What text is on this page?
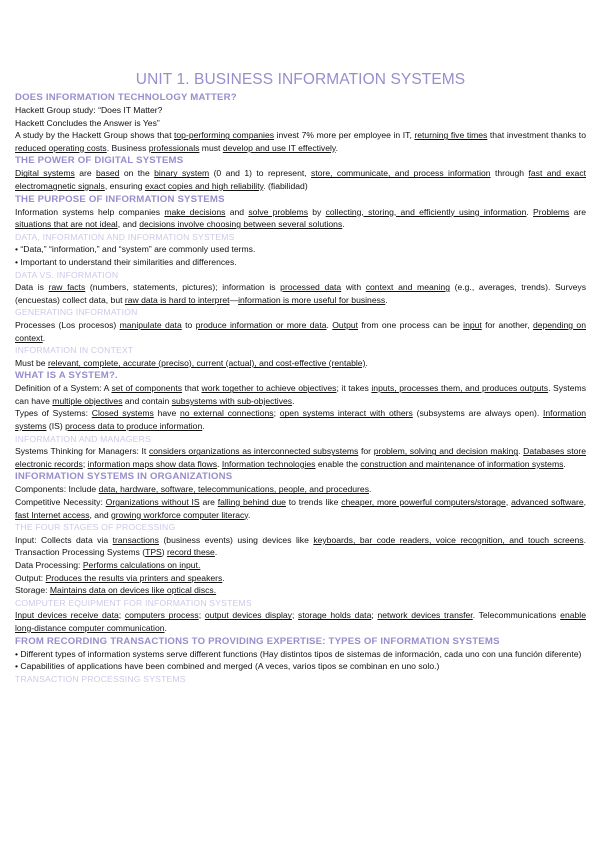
UNIT 1. BUSINESS INFORMATION SYSTEMS
DOES INFORMATION TECHNOLOGY MATTER?
Hackett Group study: “Does IT Matter?
Hackett Concludes the Answer is Yes”
A study by the Hackett Group shows that top-performing companies invest 7% more per employee in IT, returning five times that investment thanks to reduced operating costs. Business professionals must develop and use IT effectively.
THE POWER OF DIGITAL SYSTEMS
Digital systems are based on the binary system (0 and 1) to represent, store, communicate, and process information through fast and exact electromagnetic signals, ensuring exact copies and high reliability. (fiabilidad)
THE PURPOSE OF INFORMATION SYSTEMS
Information systems help companies make decisions and solve problems by collecting, storing, and efficiently using information. Problems are situations that are not ideal, and decisions involve choosing between several solutions.
DATA, INFORMATION AND INFORMATION SYSTEMS
• “Data,” “information,” and “system” are commonly used terms.
• Important to understand their similarities and differences.
DATA VS. INFORMATION
Data is raw facts (numbers, statements, pictures); information is processed data with context and meaning (e.g., averages, trends). Surveys (encuestas) collect data, but raw data is hard to interpret—information is more useful for business.
GENERATING INFORMATION
Processes (Los procesos) manipulate data to produce information or more data. Output from one process can be input for another, depending on context.
INFORMATION IN CONTEXT
Must be relevant, complete, accurate (preciso), current (actual), and cost-effective (rentable).
WHAT IS A SYSTEM?.
Definition of a System: A set of components that work together to achieve objectives; it takes inputs, processes them, and produces outputs. Systems can have multiple objectives and contain subsystems with sub-objectives.
Types of Systems: Closed systems have no external connections; open systems interact with others (subsystems are always open). Information systems (IS) process data to produce information.
INFORMATION AND MANAGERS
Systems Thinking for Managers: It considers organizations as interconnected subsystems for problem, solving and decision making. Databases store electronic records; information maps show data flows. Information technologies enable the construction and maintenance of information systems.
INFORMATION SYSTEMS IN ORGANIZATIONS
Components: Include data, hardware, software, telecommunications, people, and procedures.
Competitive Necessity: Organizations without IS are falling behind due to trends like cheaper, more powerful computers/storage, advanced software, fast Internet access, and growing workforce computer literacy.
THE FOUR STAGES OF PROCESSING
Input: Collects data via transactions (business events) using devices like keyboards, bar code readers, voice recognition, and touch screens. Transaction Processing Systems (TPS) record these.
Data Processing: Performs calculations on input.
Output: Produces the results via printers and speakers.
Storage: Maintains data on devices like optical discs.
COMPUTER EQUIPMENT FOR INFORMATION SYSTEMS
Input devices receive data; computers process; output devices display; storage holds data; network devices transfer. Telecommunications enable long-distance computer communication.
FROM RECORDING TRANSACTIONS TO PROVIDING EXPERTISE: TYPES OF INFORMATION SYSTEMS
• Different types of information systems serve different functions (Hay distintos tipos de sistemas de información, cada uno con una función diferente)
• Capabilities of applications have been combined and merged (A veces, varios tipos se combinan en uno solo.)
TRANSACTION PROCESSING SYSTEMS
